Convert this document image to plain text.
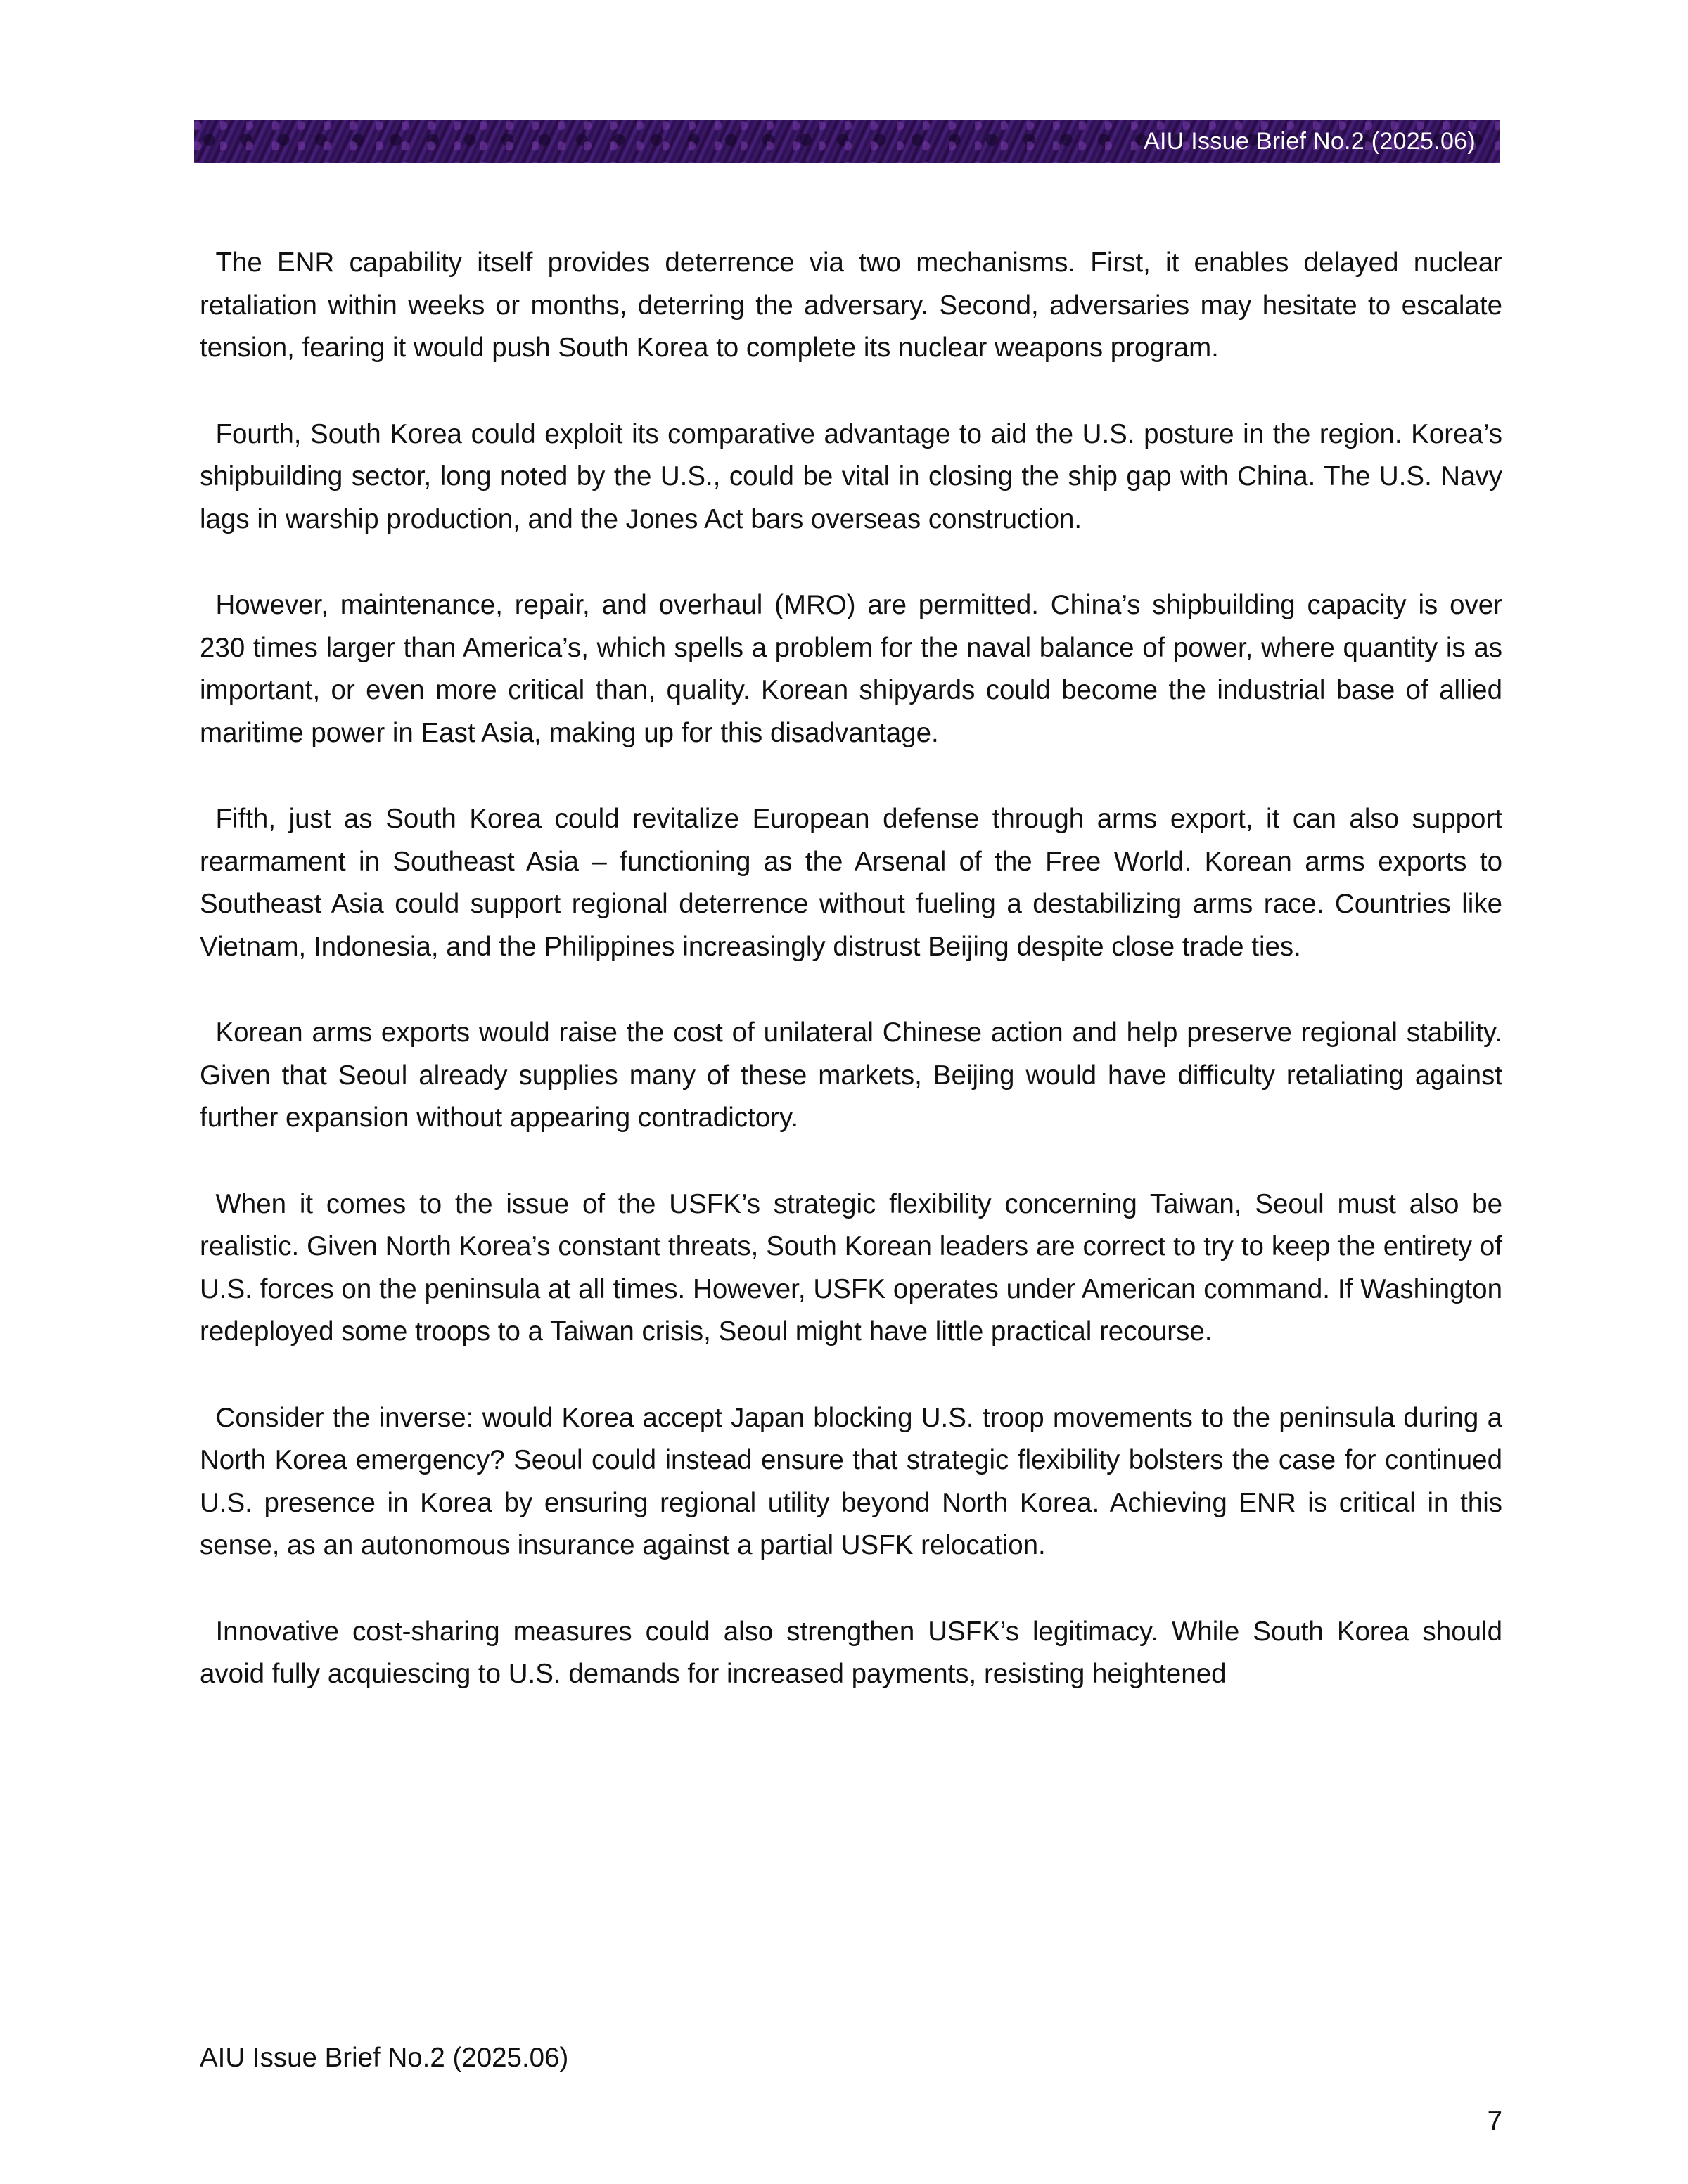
AIU Issue Brief No.2 (2025.06)

The ENR capability itself provides deterrence via two mechanisms. First, it enables delayed nuclear retaliation within weeks or months, deterring the adversary. Second, adversaries may hesitate to escalate tension, fearing it would push South Korea to complete its nuclear weapons program.

Fourth, South Korea could exploit its comparative advantage to aid the U.S. posture in the region. Korea’s shipbuilding sector, long noted by the U.S., could be vital in closing the ship gap with China. The U.S. Navy lags in warship production, and the Jones Act bars overseas construction.

However, maintenance, repair, and overhaul (MRO) are permitted. China’s shipbuilding capacity is over 230 times larger than America’s, which spells a problem for the naval balance of power, where quantity is as important, or even more critical than, quality. Korean shipyards could become the industrial base of allied maritime power in East Asia, making up for this disadvantage.

Fifth, just as South Korea could revitalize European defense through arms export, it can also support rearmament in Southeast Asia – functioning as the Arsenal of the Free World. Korean arms exports to Southeast Asia could support regional deterrence without fueling a destabilizing arms race. Countries like Vietnam, Indonesia, and the Philippines increasingly distrust Beijing despite close trade ties.

Korean arms exports would raise the cost of unilateral Chinese action and help preserve regional stability. Given that Seoul already supplies many of these markets, Beijing would have difficulty retaliating against further expansion without appearing contradictory.

When it comes to the issue of the USFK’s strategic flexibility concerning Taiwan, Seoul must also be realistic. Given North Korea’s constant threats, South Korean leaders are correct to try to keep the entirety of U.S. forces on the peninsula at all times. However, USFK operates under American command. If Washington redeployed some troops to a Taiwan crisis, Seoul might have little practical recourse.

Consider the inverse: would Korea accept Japan blocking U.S. troop movements to the peninsula during a North Korea emergency? Seoul could instead ensure that strategic flexibility bolsters the case for continued U.S. presence in Korea by ensuring regional utility beyond North Korea. Achieving ENR is critical in this sense, as an autonomous insurance against a partial USFK relocation.

Innovative cost-sharing measures could also strengthen USFK’s legitimacy. While South Korea should avoid fully acquiescing to U.S. demands for increased payments, resisting heightened

AIU Issue Brief No.2 (2025.06)
7
